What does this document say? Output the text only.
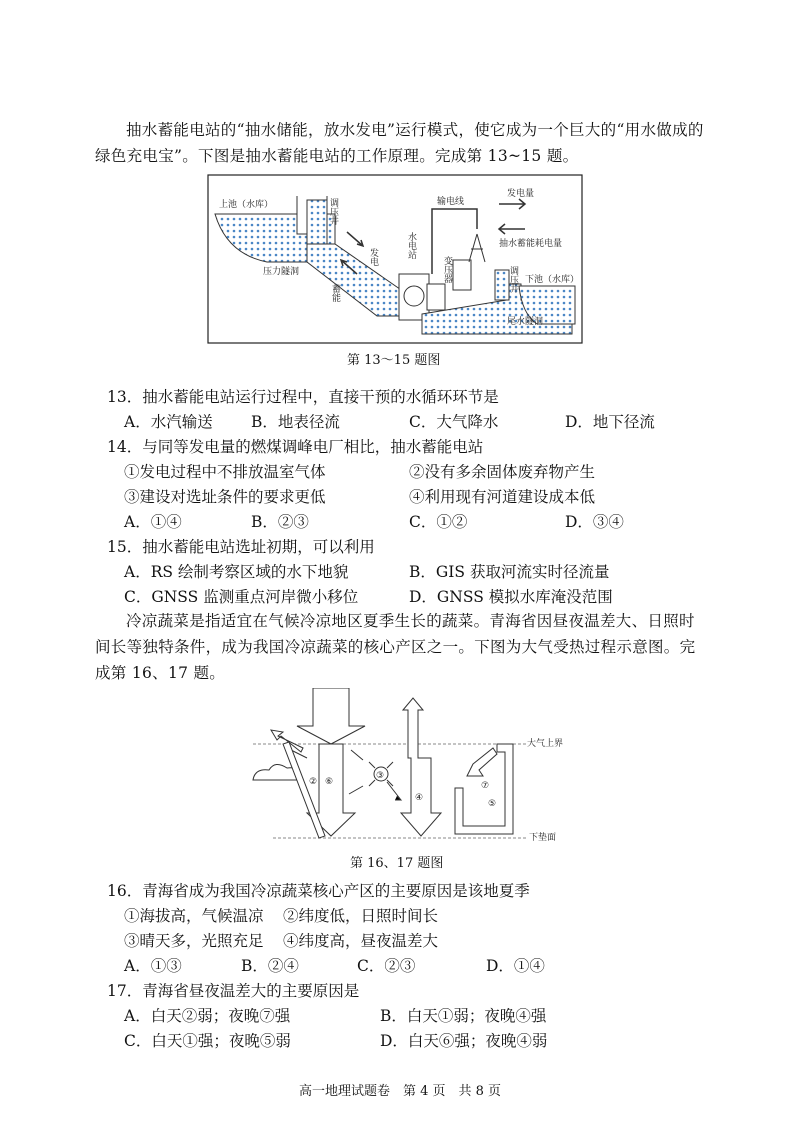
抽水蓄能电站的“抽水储能，放水发电”运行模式，使它成为一个巨大的“用水做成的绿色充电宝”。下图是抽水蓄能电站的工作原理。完成第 13~15 题。
上池（水库）
压力隧洞
调压井
发电
蓄能
水电站
变压器
输电线
发电量
抽水蓄能耗电量
调压井 下池（水库）
尾水隧洞
第 13～15 题图
13．抽水蓄能电站运行过程中，直接干预的水循环环节是
A．水汽输送 B．地表径流	C．大气降水	D．地下径流
14．与同等发电量的燃煤调峰电厂相比，抽水蓄能电站
①发电过程中不排放温室气体	②没有多余固体废弃物产生
③建设对选址条件的要求更低	④利用现有河道建设成本低
A．①④	B．②③	C．①②	D．③④
15．抽水蓄能电站选址初期，可以利用
A．RS 绘制考察区域的水下地貌	B．GIS 获取河流实时径流量
C．GNSS 监测重点河岸微小移位	D．GNSS 模拟水库淹没范围
冷凉蔬菜是指适宜在气候冷凉地区夏季生长的蔬菜。青海省因昼夜温差大、日照时间长等独特条件，成为我国冷凉蔬菜的核心产区之一。下图为大气受热过程示意图。完成第 16、17 题。
② ⑥
③
④
⑦
⑤
大气上界
下垫面
第 16、17 题图
16．青海省成为我国冷凉蔬菜核心产区的主要原因是该地夏季
①海拔高，气候温凉 ②纬度低，日照时间长
③晴天多，光照充足 ④纬度高，昼夜温差大
A．①③	B．②④	C．②③	D．①④
17．青海省昼夜温差大的主要原因是
A．白天②弱；夜晚⑦强	B．白天①弱；夜晚④强
C．白天①强；夜晚⑤弱	D．白天⑥强；夜晚④弱
高一地理试题卷　第 4 页　共 8 页
